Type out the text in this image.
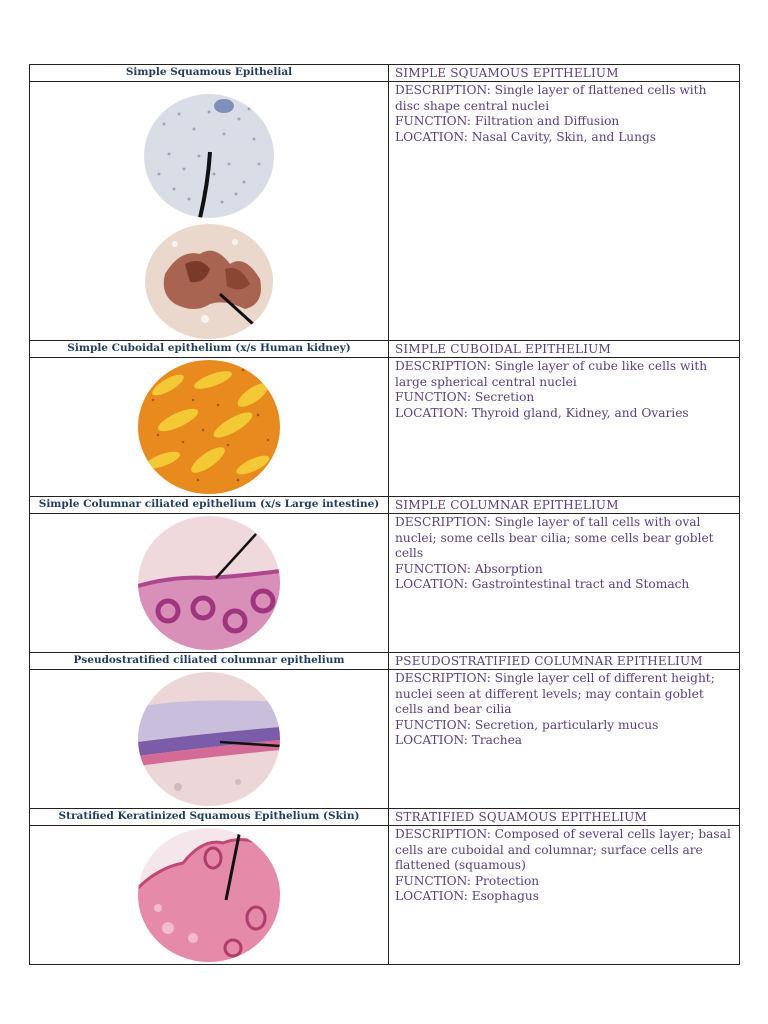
Simple Squamous Epithelial	SIMPLE SQUAMOUS EPITHELIUM

DESCRIPTION: Single layer of flattened cells with disc shape central nuclei
FUNCTION: Filtration and Diffusion
LOCATION: Nasal Cavity, Skin, and Lungs

Simple Cuboidal epithelium (x/s Human kidney)	SIMPLE CUBOIDAL EPITHELIUM

DESCRIPTION: Single layer of cube like cells with large spherical central nuclei
FUNCTION: Secretion
LOCATION: Thyroid gland, Kidney, and Ovaries

Simple Columnar ciliated epithelium (x/s Large intestine)	SIMPLE COLUMNAR EPITHELIUM

DESCRIPTION: Single layer of tall cells with oval nuclei; some cells bear cilia; some cells bear goblet cells
FUNCTION: Absorption
LOCATION: Gastrointestinal tract and Stomach

Pseudostratified ciliated columnar epithelium	PSEUDOSTRATIFIED COLUMNAR EPITHELIUM

DESCRIPTION: Single layer cell of different height; nuclei seen at different levels; may contain goblet cells and bear cilia
FUNCTION: Secretion, particularly mucus
LOCATION: Trachea

Stratified Keratinized Squamous Epithelium (Skin)	STRATIFIED SQUAMOUS EPITHELIUM

DESCRIPTION: Composed of several cells layer; basal cells are cuboidal and columnar; surface cells are flattened (squamous)
FUNCTION: Protection
LOCATION: Esophagus
